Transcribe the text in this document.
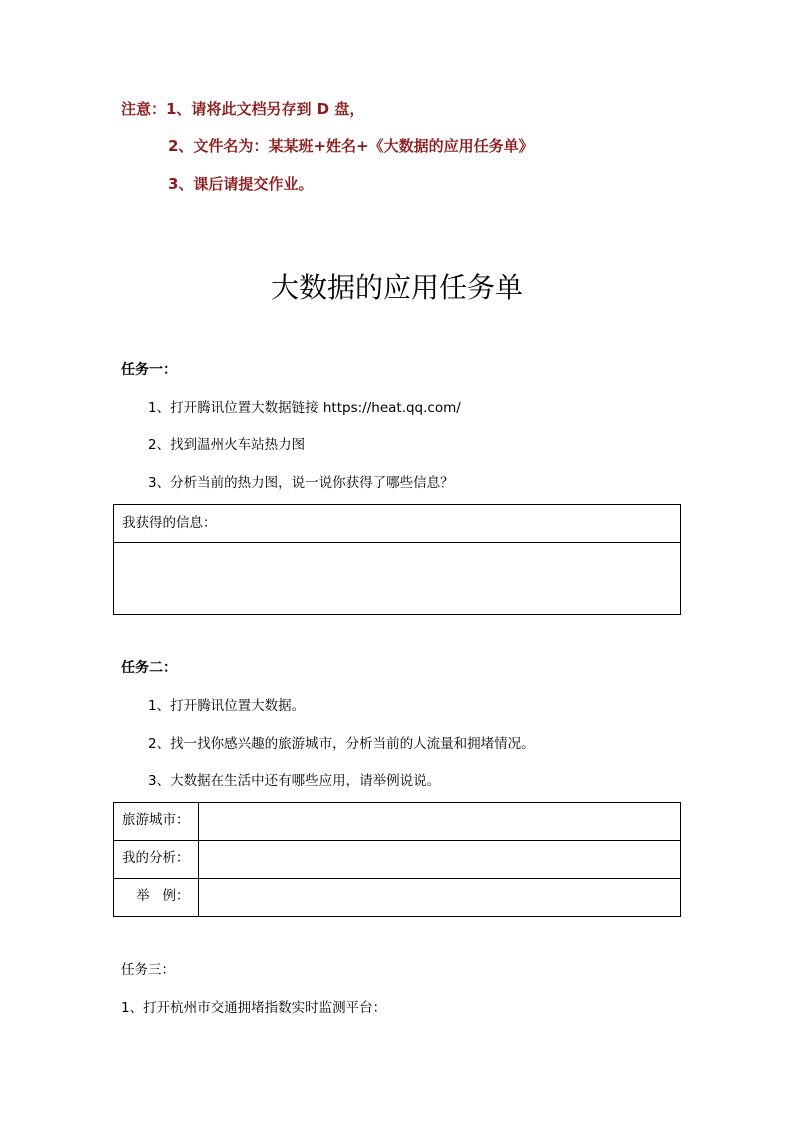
注意：1、请将此文档另存到 D 盘，
2、文件名为：某某班+姓名+《大数据的应用任务单》
3、课后请提交作业。
大数据的应用任务单
任务一：
1、打开腾讯位置大数据链接 https://heat.qq.com/
2、找到温州火车站热力图
3、分析当前的热力图，说一说你获得了哪些信息？
我获得的信息：

任务二：
1、打开腾讯位置大数据。
2、找一找你感兴趣的旅游城市，分析当前的人流量和拥堵情况。
3、大数据在生活中还有哪些应用，请举例说说。
旅游城市：	
我的分析：	
举   例：	
任务三：
1、打开杭州市交通拥堵指数实时监测平台：
